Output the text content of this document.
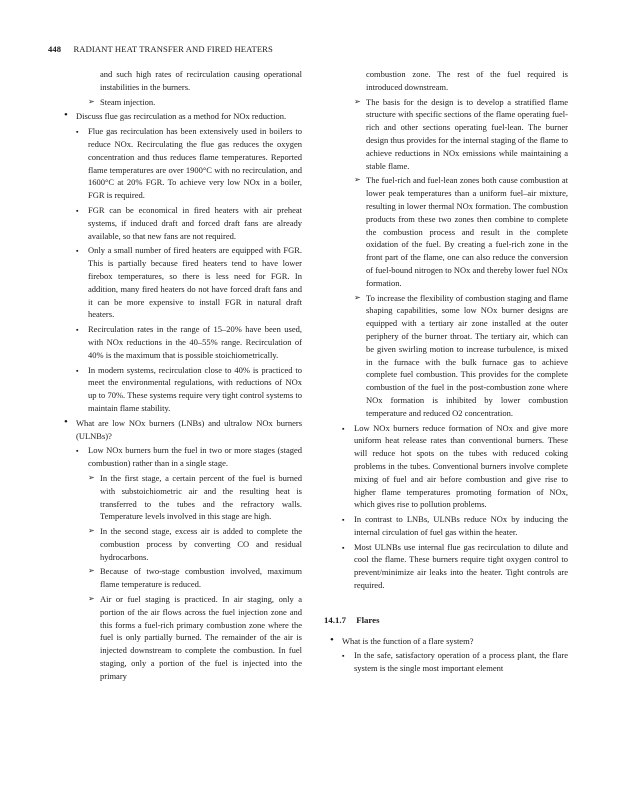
448 RADIANT HEAT TRANSFER AND FIRED HEATERS

and such high rates of recirculation causing operational instabilities in the burners.

➢ Steam injection.

• Discuss flue gas recirculation as a method for NOx reduction.

▪ Flue gas recirculation has been extensively used in boilers to reduce NOx. Recirculating the flue gas reduces the oxygen concentration and thus reduces flame temperatures. Reported flame temperatures are over 1900°C with no recirculation, and 1600°C at 20% FGR. To achieve very low NOx in a boiler, FGR is required.

▪ FGR can be economical in fired heaters with air preheat systems, if induced draft and forced draft fans are already available, so that new fans are not required.

▪ Only a small number of fired heaters are equipped with FGR. This is partially because fired heaters tend to have lower firebox temperatures, so there is less need for FGR. In addition, many fired heaters do not have forced draft fans and it can be more expensive to install FGR in natural draft heaters.

▪ Recirculation rates in the range of 15–20% have been used, with NOx reductions in the 40–55% range. Recirculation of 40% is the maximum that is possible stoichiometrically.

▪ In modern systems, recirculation close to 40% is practiced to meet the environmental regulations, with reductions of NOx up to 70%. These systems require very tight control systems to maintain flame stability.

• What are low NOx burners (LNBs) and ultralow NOx burners (ULNBs)?

▪ Low NOx burners burn the fuel in two or more stages (staged combustion) rather than in a single stage.

➢ In the first stage, a certain percent of the fuel is burned with substoichiometric air and the resulting heat is transferred to the tubes and the refractory walls. Temperature levels involved in this stage are high.

➢ In the second stage, excess air is added to complete the combustion process by converting CO and residual hydrocarbons.

➢ Because of two-stage combustion involved, maximum flame temperature is reduced.

➢ Air or fuel staging is practiced. In air staging, only a portion of the air flows across the fuel injection zone and this forms a fuel-rich primary combustion zone where the fuel is only partially burned. The remainder of the air is injected downstream to complete the combustion. In fuel staging, only a portion of the fuel is injected into the primary

combustion zone. The rest of the fuel required is introduced downstream.

➢ The basis for the design is to develop a stratified flame structure with specific sections of the flame operating fuel-rich and other sections operating fuel-lean. The burner design thus provides for the internal staging of the flame to achieve reductions in NOx emissions while maintaining a stable flame.

➢ The fuel-rich and fuel-lean zones both cause combustion at lower peak temperatures than a uniform fuel–air mixture, resulting in lower thermal NOx formation. The combustion products from these two zones then combine to complete the combustion process and result in the complete oxidation of the fuel. By creating a fuel-rich zone in the front part of the flame, one can also reduce the conversion of fuel-bound nitrogen to NOx and thereby lower fuel NOx formation.

➢ To increase the flexibility of combustion staging and flame shaping capabilities, some low NOx burner designs are equipped with a tertiary air zone installed at the outer periphery of the burner throat. The tertiary air, which can be given swirling motion to increase turbulence, is mixed in the furnace with the bulk furnace gas to achieve complete fuel combustion. This provides for the complete combustion of the fuel in the post-combustion zone where NOx formation is inhibited by lower combustion temperature and reduced O2 concentration.

▪ Low NOx burners reduce formation of NOx and give more uniform heat release rates than conventional burners. These will reduce hot spots on the tubes with reduced coking problems in the tubes. Conventional burners involve complete mixing of fuel and air before combustion and give rise to higher flame temperatures promoting formation of NOx, which gives rise to pollution problems.

▪ In contrast to LNBs, ULNBs reduce NOx by inducing the internal circulation of fuel gas within the heater.

▪ Most ULNBs use internal flue gas recirculation to dilute and cool the flame. These burners require tight oxygen control to prevent/minimize air leaks into the heater. Tight controls are required.

14.1.7 Flares
• What is the function of a flare system?

▪ In the safe, satisfactory operation of a process plant, the flare system is the single most important element
